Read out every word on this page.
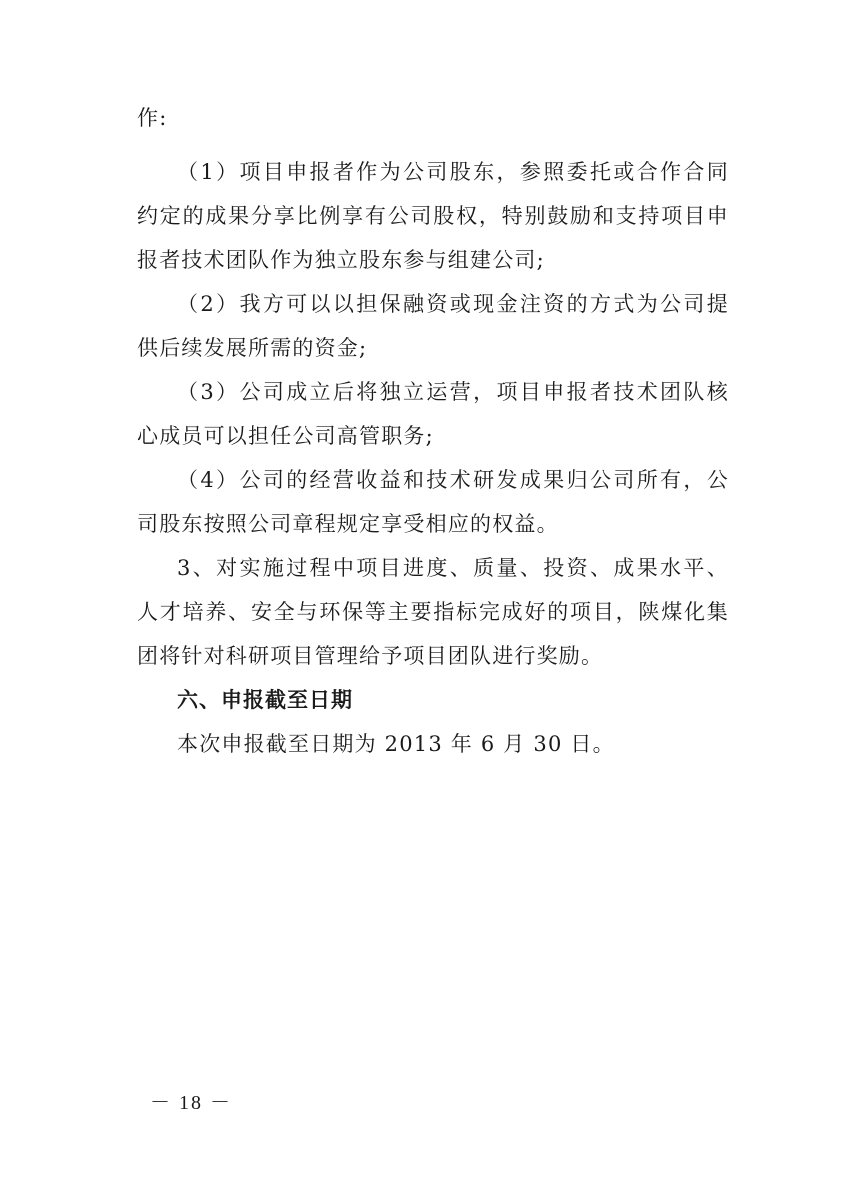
作:
（1）项目申报者作为公司股东，参照委托或合作合同
约定的成果分享比例享有公司股权，特别鼓励和支持项目申
报者技术团队作为独立股东参与组建公司;
（2）我方可以以担保融资或现金注资的方式为公司提
供后续发展所需的资金;
（3）公司成立后将独立运营，项目申报者技术团队核
心成员可以担任公司高管职务;
（4）公司的经营收益和技术研发成果归公司所有，公
司股东按照公司章程规定享受相应的权益。
3、对实施过程中项目进度、质量、投资、成果水平、
人才培养、安全与环保等主要指标完成好的项目，陕煤化集
团将针对科研项目管理给予项目团队进行奖励。
六、申报截至日期
本次申报截至日期为 2013 年 6 月 30 日。
－ 18 －
